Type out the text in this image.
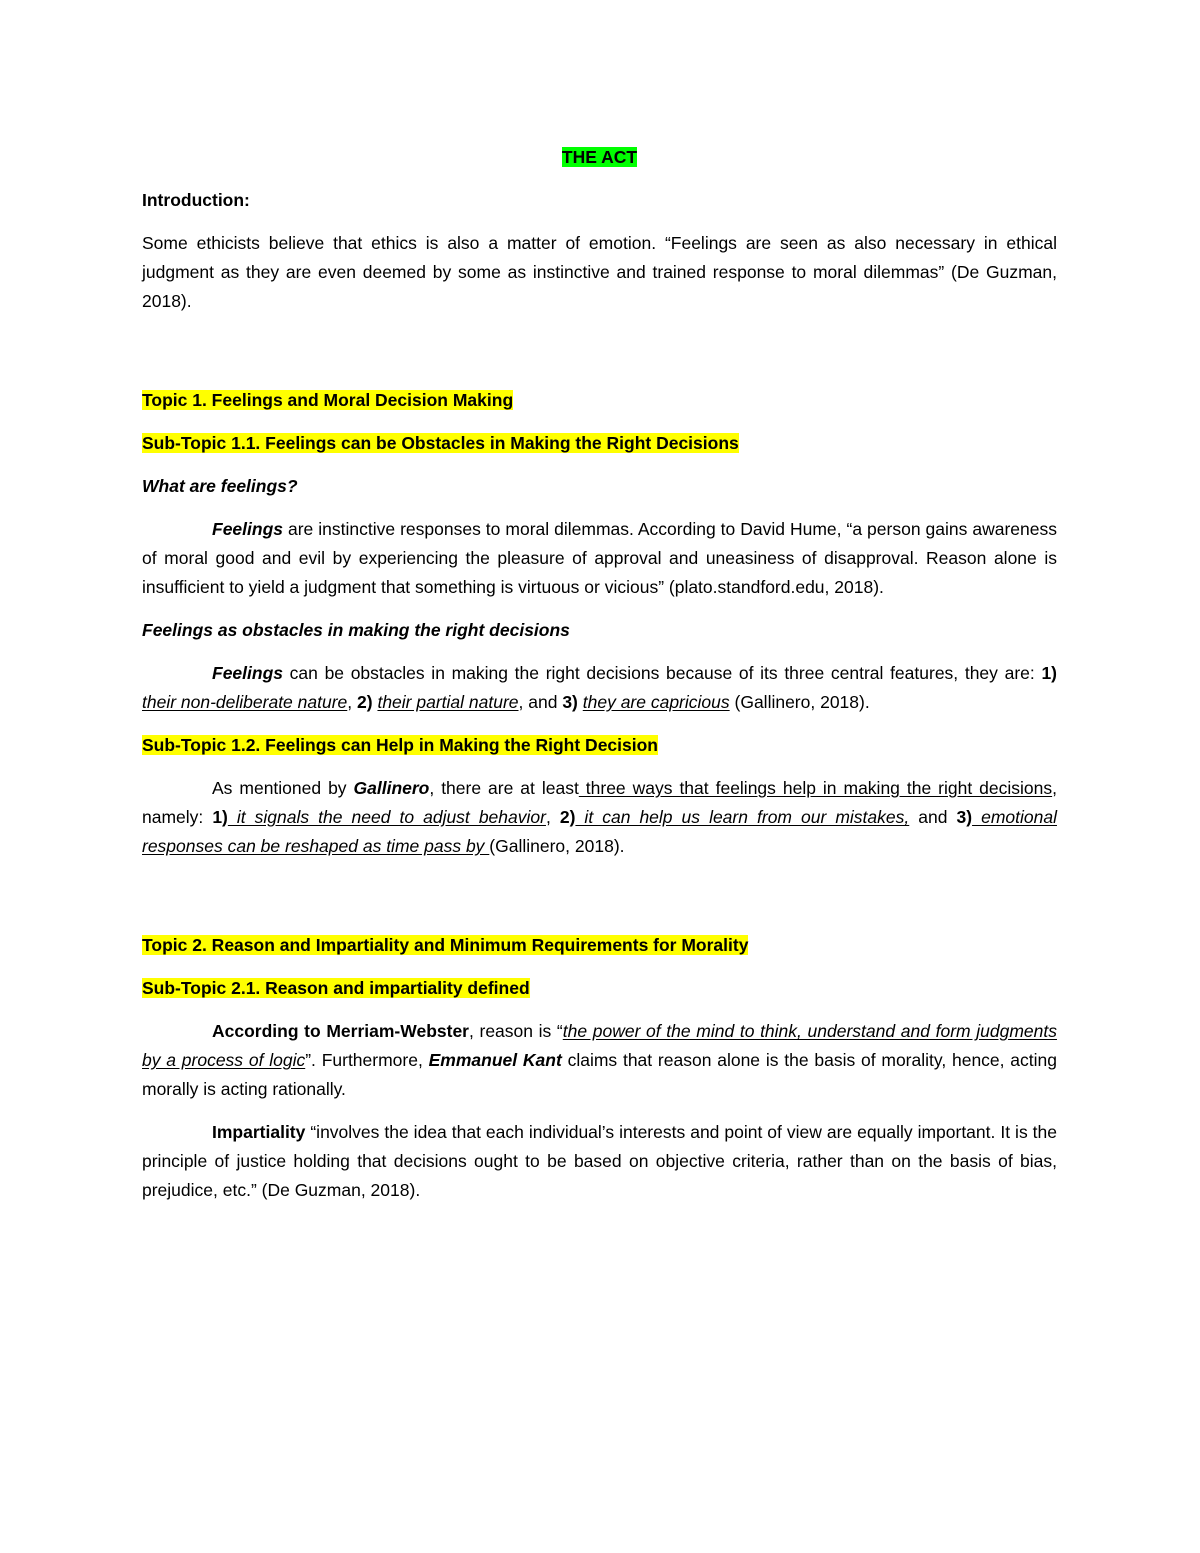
THE ACT

Introduction:

Some ethicists believe that ethics is also a matter of emotion. “Feelings are seen as also necessary in ethical judgment as they are even deemed by some as instinctive and trained response to moral dilemmas” (De Guzman, 2018).

Topic 1. Feelings and Moral Decision Making

Sub-Topic 1.1. Feelings can be Obstacles in Making the Right Decisions

What are feelings?

Feelings are instinctive responses to moral dilemmas. According to David Hume, “a person gains awareness of moral good and evil by experiencing the pleasure of approval and uneasiness of disapproval. Reason alone is insufficient to yield a judgment that something is virtuous or vicious” (plato.standford.edu, 2018).

Feelings as obstacles in making the right decisions

Feelings can be obstacles in making the right decisions because of its three central features, they are: 1) their non-deliberate nature, 2) their partial nature, and 3) they are capricious (Gallinero, 2018).

Sub-Topic 1.2. Feelings can Help in Making the Right Decision

As mentioned by Gallinero, there are at least three ways that feelings help in making the right decisions, namely: 1) it signals the need to adjust behavior, 2) it can help us learn from our mistakes, and 3) emotional responses can be reshaped as time pass by (Gallinero, 2018).

Topic 2. Reason and Impartiality and Minimum Requirements for Morality

Sub-Topic 2.1. Reason and impartiality defined

According to Merriam-Webster, reason is “the power of the mind to think, understand and form judgments by a process of logic”. Furthermore, Emmanuel Kant claims that reason alone is the basis of morality, hence, acting morally is acting rationally.

Impartiality “involves the idea that each individual’s interests and point of view are equally important. It is the principle of justice holding that decisions ought to be based on objective criteria, rather than on the basis of bias, prejudice, etc.” (De Guzman, 2018).
